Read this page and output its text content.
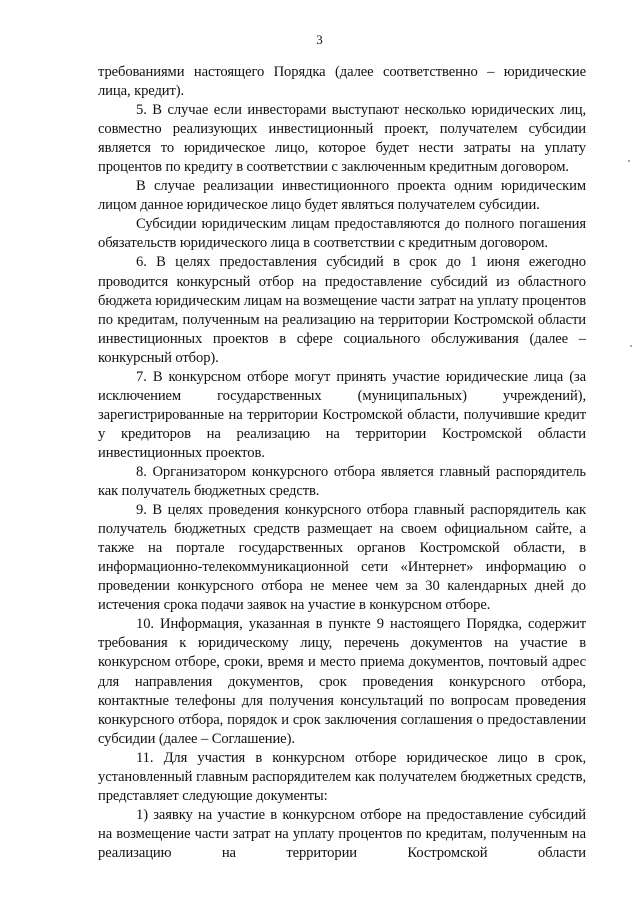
3

требованиями настоящего Порядка (далее соответственно – юридические лица, кредит).

5. В случае если инвесторами выступают несколько юридических лиц, совместно реализующих инвестиционный проект, получателем субсидии является то юридическое лицо, которое будет нести затраты на уплату процентов по кредиту в соответствии с заключенным кредитным договором.

В случае реализации инвестиционного проекта одним юридическим лицом данное юридическое лицо будет являться получателем субсидии.

Субсидии юридическим лицам предоставляются до полного погашения обязательств юридического лица в соответствии с кредитным договором.

6. В целях предоставления субсидий в срок до 1 июня ежегодно проводится конкурсный отбор на предоставление субсидий из областного бюджета юридическим лицам на возмещение части затрат на уплату процентов по кредитам, полученным на реализацию на территории Костромской области инвестиционных проектов в сфере социального обслуживания (далее – конкурсный отбор).

7. В конкурсном отборе могут принять участие юридические лица (за исключением государственных (муниципальных) учреждений), зарегистрированные на территории Костромской области, получившие кредит у кредиторов на реализацию на территории Костромской области инвестиционных проектов.

8. Организатором конкурсного отбора является главный распорядитель как получатель бюджетных средств.

9. В целях проведения конкурсного отбора главный распорядитель как получатель бюджетных средств размещает на своем официальном сайте, а также на портале государственных органов Костромской области, в информационно-телекоммуникационной сети «Интернет» информацию о проведении конкурсного отбора не менее чем за 30 календарных дней до истечения срока подачи заявок на участие в конкурсном отборе.

10. Информация, указанная в пункте 9 настоящего Порядка, содержит требования к юридическому лицу, перечень документов на участие в конкурсном отборе, сроки, время и место приема документов, почтовый адрес для направления документов, срок проведения конкурсного отбора, контактные телефоны для получения консультаций по вопросам проведения конкурсного отбора, порядок и срок заключения соглашения о предоставлении субсидии (далее – Соглашение).

11. Для участия в конкурсном отборе юридическое лицо в срок, установленный главным распорядителем как получателем бюджетных средств, представляет следующие документы:

1) заявку на участие в конкурсном отборе на предоставление субсидий на возмещение части затрат на уплату процентов по кредитам, полученным на реализацию на территории Костромской области
